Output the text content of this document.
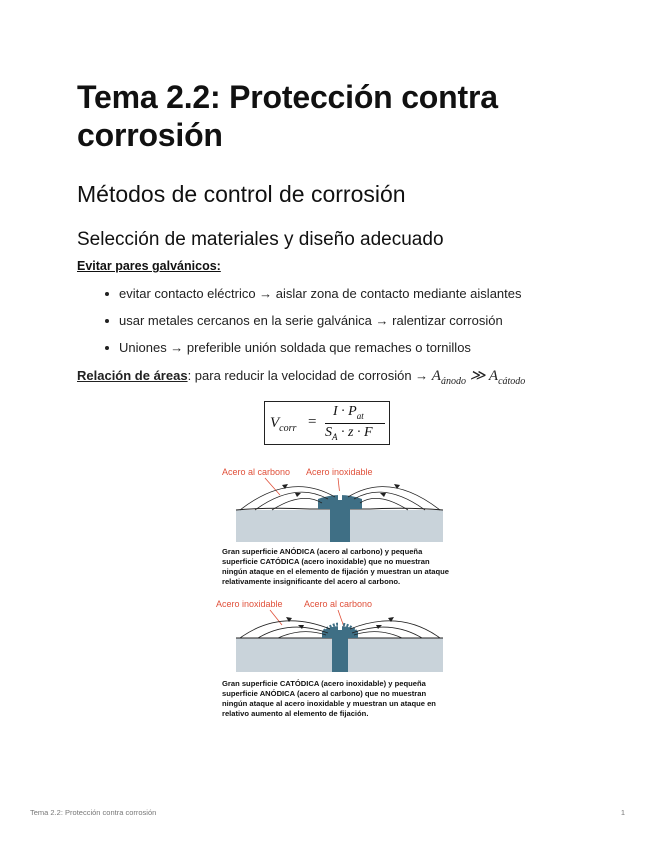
Tema 2.2: Protección contra corrosión
Métodos de control de corrosión
Selección de materiales y diseño adecuado

Evitar pares galvánicos:

evitar contacto eléctrico → aislar zona de contacto mediante aislantes
usar metales cercanos en la serie galvánica → ralentizar corrosión
Uniones → preferible unión soldada que remaches o tornillos

Relación de áreas: para reducir la velocidad de corrosión → $A_{ánodo}$ ≫ $A_{cátodo}$

$V_{corr}$ =
$I \cdot P_{at}$
$S_A \cdot z \cdot F$
Acero al carbono Acero inoxidable

Gran superficie ANÓDICA (acero al carbono) y pequeña superficie CATÓDICA (acero inoxidable) que no muestran ningún ataque en el elemento de fijación y muestran un ataque relativamente insignificante del acero al carbono.

Acero inoxidable Acero al carbono

Gran superficie CATÓDICA (acero inoxidable) y pequeña superficie ANÓDICA (acero al carbono) que no muestran ningún ataque al acero inoxidable y muestran un ataque en relativo aumento al elemento de fijación.

Tema 2.2: Protección contra corrosión	1
